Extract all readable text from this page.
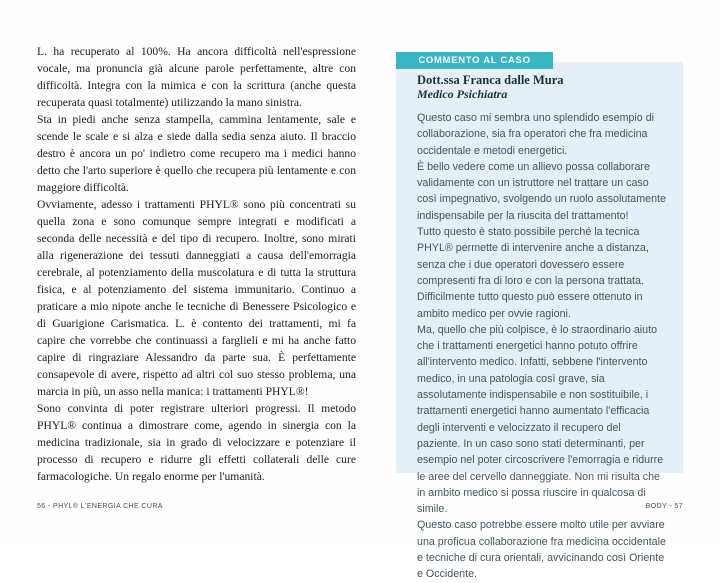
L. ha recuperato al 100%. Ha ancora difficoltà nell'espressione vocale, ma pronuncia già alcune parole perfettamente, altre con difficoltà. Integra con la mimica e con la scrittura (anche questa recuperata quasi totalmente) utilizzando la mano sinistra.

Sta in piedi anche senza stampella, cammina lentamente, sale e scende le scale e si alza e siede dalla sedia senza aiuto. Il braccio destro è ancora un po' indietro come recupero ma i medici hanno detto che l'arto superiore è quello che recupera più lentamente e con maggiore difficoltà.

Ovviamente, adesso i trattamenti PHYL® sono più concentrati su quella zona e sono comunque sempre integrati e modificati a seconda delle necessità e del tipo di recupero. Inoltre, sono mirati alla rigenerazione dei tessuti danneggiati a causa dell'emorragia cerebrale, al potenziamento della muscolatura e di tutta la struttura fisica, e al potenziamento del sistema immunitario. Continuo a praticare a mio nipote anche le tecniche di Benessere Psicologico e di Guarigione Carismatica. L. è contento dei trattamenti, mi fa capire che vorrebbe che continuassi a farglieli e mi ha anche fatto capire di ringraziare Alessandro da parte sua. È perfettamente consapevole di avere, rispetto ad altri col suo stesso problema, una marcia in più, un asso nella manica: i trattamenti PHYL®!

Sono convinta di poter registrare ulteriori progressi. Il metodo PHYL® continua a dimostrare come, agendo in sinergia con la medicina tradizionale, sia in grado di velocizzare e potenziare il processo di recupero e ridurre gli effetti collaterali delle cure farmacologiche. Un regalo enorme per l'umanità.

Dott.ssa Franca dalle Mura

Medico Psichiatra

Questo caso mi sembra uno splendido esempio di collaborazione, sia fra operatori che fra medicina occidentale e metodi energetici.

È bello vedere come un allievo possa collaborare validamente con un istruttore nel trattare un caso così impegnativo, svolgendo un ruolo assolutamente indispensabile per la riuscita del trattamento!

Tutto questo è stato possibile perché la tecnica PHYL® permette di intervenire anche a distanza, senza che i due operatori dovessero essere compresenti fra di loro e con la persona trattata. Difficilmente tutto questo può essere ottenuto in ambito medico per ovvie ragioni.

Ma, quello che più colpisce, è lo straordinario aiuto che i trattamenti energetici hanno potuto offrire all'intervento medico. Infatti, sebbene l'intervento medico, in una patologia così grave, sia assolutamente indispensabile e non sostituibile, i trattamenti energetici hanno aumentato l'efficacia degli interventi e velocizzato il recupero del paziente. In un caso sono stati determinanti, per esempio nel poter circoscrivere l'emorragia e ridurre le aree del cervello danneggiate. Non mi risulta che in ambito medico si possa riuscire in qualcosa di simile.

Questo caso potrebbe essere molto utile per avviare una proficua collaborazione fra medicina occidentale e tecniche di cura orientali, avvicinando così Oriente e Occidente.

COMMENTO AL CASO
56 - PHYL® L'ENERGIA CHE CURA	BODY - 57
